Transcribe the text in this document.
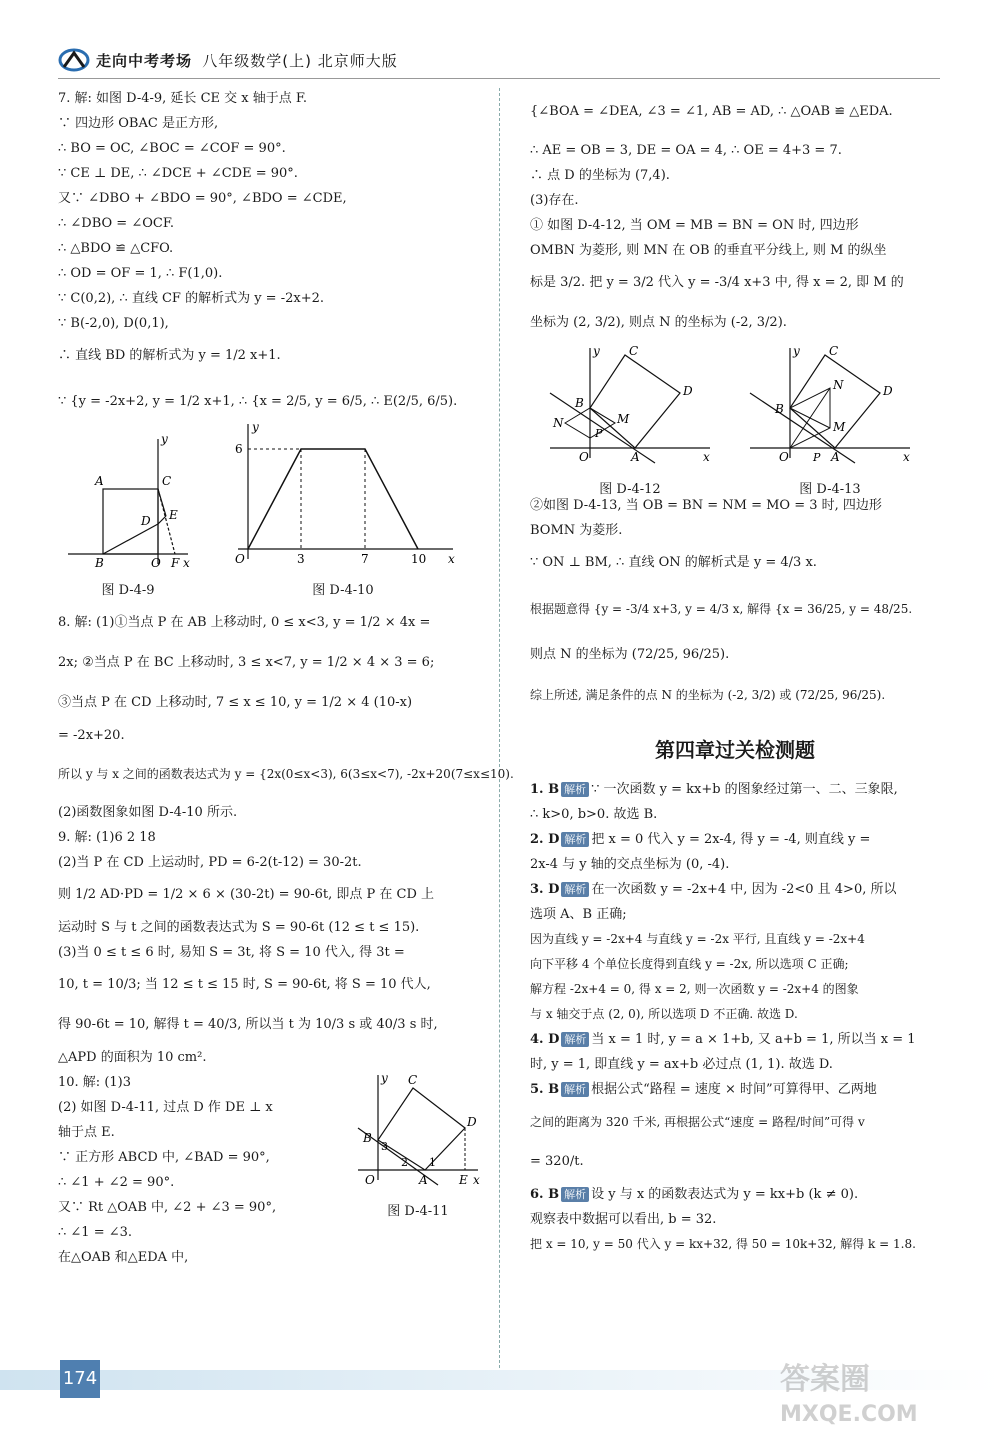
走向中考考场 八年级数学(上) 北京师大版
7. 解: 如图 D-4-9, 延长 CE 交 x 轴于点 F.
∵ 四边形 OBAC 是正方形,
∴ BO = OC, ∠BOC = ∠COF = 90°.
∵ CE ⊥ DE, ∴ ∠DCE + ∠CDE = 90°.
又∵ ∠DBO + ∠BDO = 90°, ∠BDO = ∠CDE,
∴ ∠DBO = ∠OCF.
∴ △BDO ≌ △CFO.
∴ OD = OF = 1, ∴ F(1,0).
∵ C(0,2), ∴ 直线 CF 的解析式为 y = -2x+2.
∵ B(-2,0), D(0,1),
∴ 直线 BD 的解析式为 y = 1/2 x+1.
∵ {y = -2x+2, y = 1/2 x+1, ∴ {x = 2/5, y = 6/5, ∴ E(2/5, 6/5).
A	C
D E
B	O F x
y
图 D-4-9
6
3	7	10
O	x
y
图 D-4-10
8. 解: (1)①当点 P 在 AB 上移动时, 0 ≤ x<3, y = 1/2 × 4x =
2x; ②当点 P 在 BC 上移动时, 3 ≤ x<7, y = 1/2 × 4 × 3 = 6;
③当点 P 在 CD 上移动时, 7 ≤ x ≤ 10, y = 1/2 × 4 (10-x)
= -2x+20.
所以 y 与 x 之间的函数表达式为 y = {2x(0≤x<3), 6(3≤x<7), -2x+20(7≤x≤10).
(2)函数图象如图 D-4-10 所示.
9. 解: (1)6 2 18
(2)当 P 在 CD 上运动时, PD = 6-2(t-12) = 30-2t.
则 1/2 AD·PD = 1/2 × 6 × (30-2t) = 90-6t, 即点 P 在 CD 上
运动时 S 与 t 之间的函数表达式为 S = 90-6t (12 ≤ t ≤ 15).
(3)当 0 ≤ t ≤ 6 时, 易知 S = 3t, 将 S = 10 代入, 得 3t =
10, t = 10/3; 当 12 ≤ t ≤ 15 时, S = 90-6t, 将 S = 10 代人,
得 90-6t = 10, 解得 t = 40/3, 所以当 t 为 10/3 s 或 40/3 s 时,
△APD 的面积为 10 cm².
10. 解: (1)3
(2) 如图 D-4-11, 过点 D 作 DE ⊥ x
轴于点 E.
∵ 正方形 ABCD 中, ∠BAD = 90°,
∴ ∠1 + ∠2 = 90°.
又∵ Rt △OAB 中, ∠2 + ∠3 = 90°,
∴ ∠1 = ∠3.
在△OAB 和△EDA 中,
C
D
B
3
2 1
O	A	E x
y
图 D-4-11
{∠BOA = ∠DEA, ∠3 = ∠1, AB = AD, ∴ △OAB ≌ △EDA.
∴ AE = OB = 3, DE = OA = 4, ∴ OE = 4+3 = 7.
∴ 点 D 的坐标为 (7,4).
(3)存在.
① 如图 D-4-12, 当 OM = MB = BN = ON 时, 四边形
OMBN 为菱形, 则 MN 在 OB 的垂直平分线上, 则 M 的纵坐
标是 3/2. 把 y = 3/2 代入 y = -3/4 x+3 中, 得 x = 2, 即 M 的
坐标为 (2, 3/2), 则点 N 的坐标为 (-2, 3/2).
C
D
B
N	M
P
O	A	x
y
图 D-4-12
C
D
B
N
M
P
O	A	x
y
图 D-4-13
②如图 D-4-13, 当 OB = BN = NM = MO = 3 时, 四边形
BOMN 为菱形.
∵ ON ⊥ BM, ∴ 直线 ON 的解析式是 y = 4/3 x.
根据题意得 {y = -3/4 x+3, y = 4/3 x, 解得 {x = 36/25, y = 48/25.
则点 N 的坐标为 (72/25, 96/25).
综上所述, 满足条件的点 N 的坐标为 (-2, 3/2) 或 (72/25, 96/25).
第四章过关检测题
1. B 解析 ∵ 一次函数 y = kx+b 的图象经过第一、二、三象限,
∴ k>0, b>0. 故选 B.
2. D 解析 把 x = 0 代入 y = 2x-4, 得 y = -4, 则直线 y =
2x-4 与 y 轴的交点坐标为 (0, -4).
3. D 解析 在一次函数 y = -2x+4 中, 因为 -2<0 且 4>0, 所以
选项 A、B 正确;
因为直线 y = -2x+4 与直线 y = -2x 平行, 且直线 y = -2x+4
向下平移 4 个单位长度得到直线 y = -2x, 所以选项 C 正确;
解方程 -2x+4 = 0, 得 x = 2, 则一次函数 y = -2x+4 的图象
与 x 轴交于点 (2, 0), 所以选项 D 不正确. 故选 D.
4. D 解析 当 x = 1 时, y = a × 1+b, 又 a+b = 1, 所以当 x = 1
时, y = 1, 即直线 y = ax+b 必过点 (1, 1). 故选 D.
5. B 解析 根据公式“路程 = 速度 × 时间”可算得甲、乙两地
之间的距离为 320 千米, 再根据公式“速度 = 路程/时间”可得 v
= 320/t.
6. B 解析 设 y 与 x 的函数表达式为 y = kx+b (k ≠ 0).
观察表中数据可以看出, b = 32.
把 x = 10, y = 50 代入 y = kx+32, 得 50 = 10k+32, 解得 k = 1.8.
174	答案圈
MXQE.COM
